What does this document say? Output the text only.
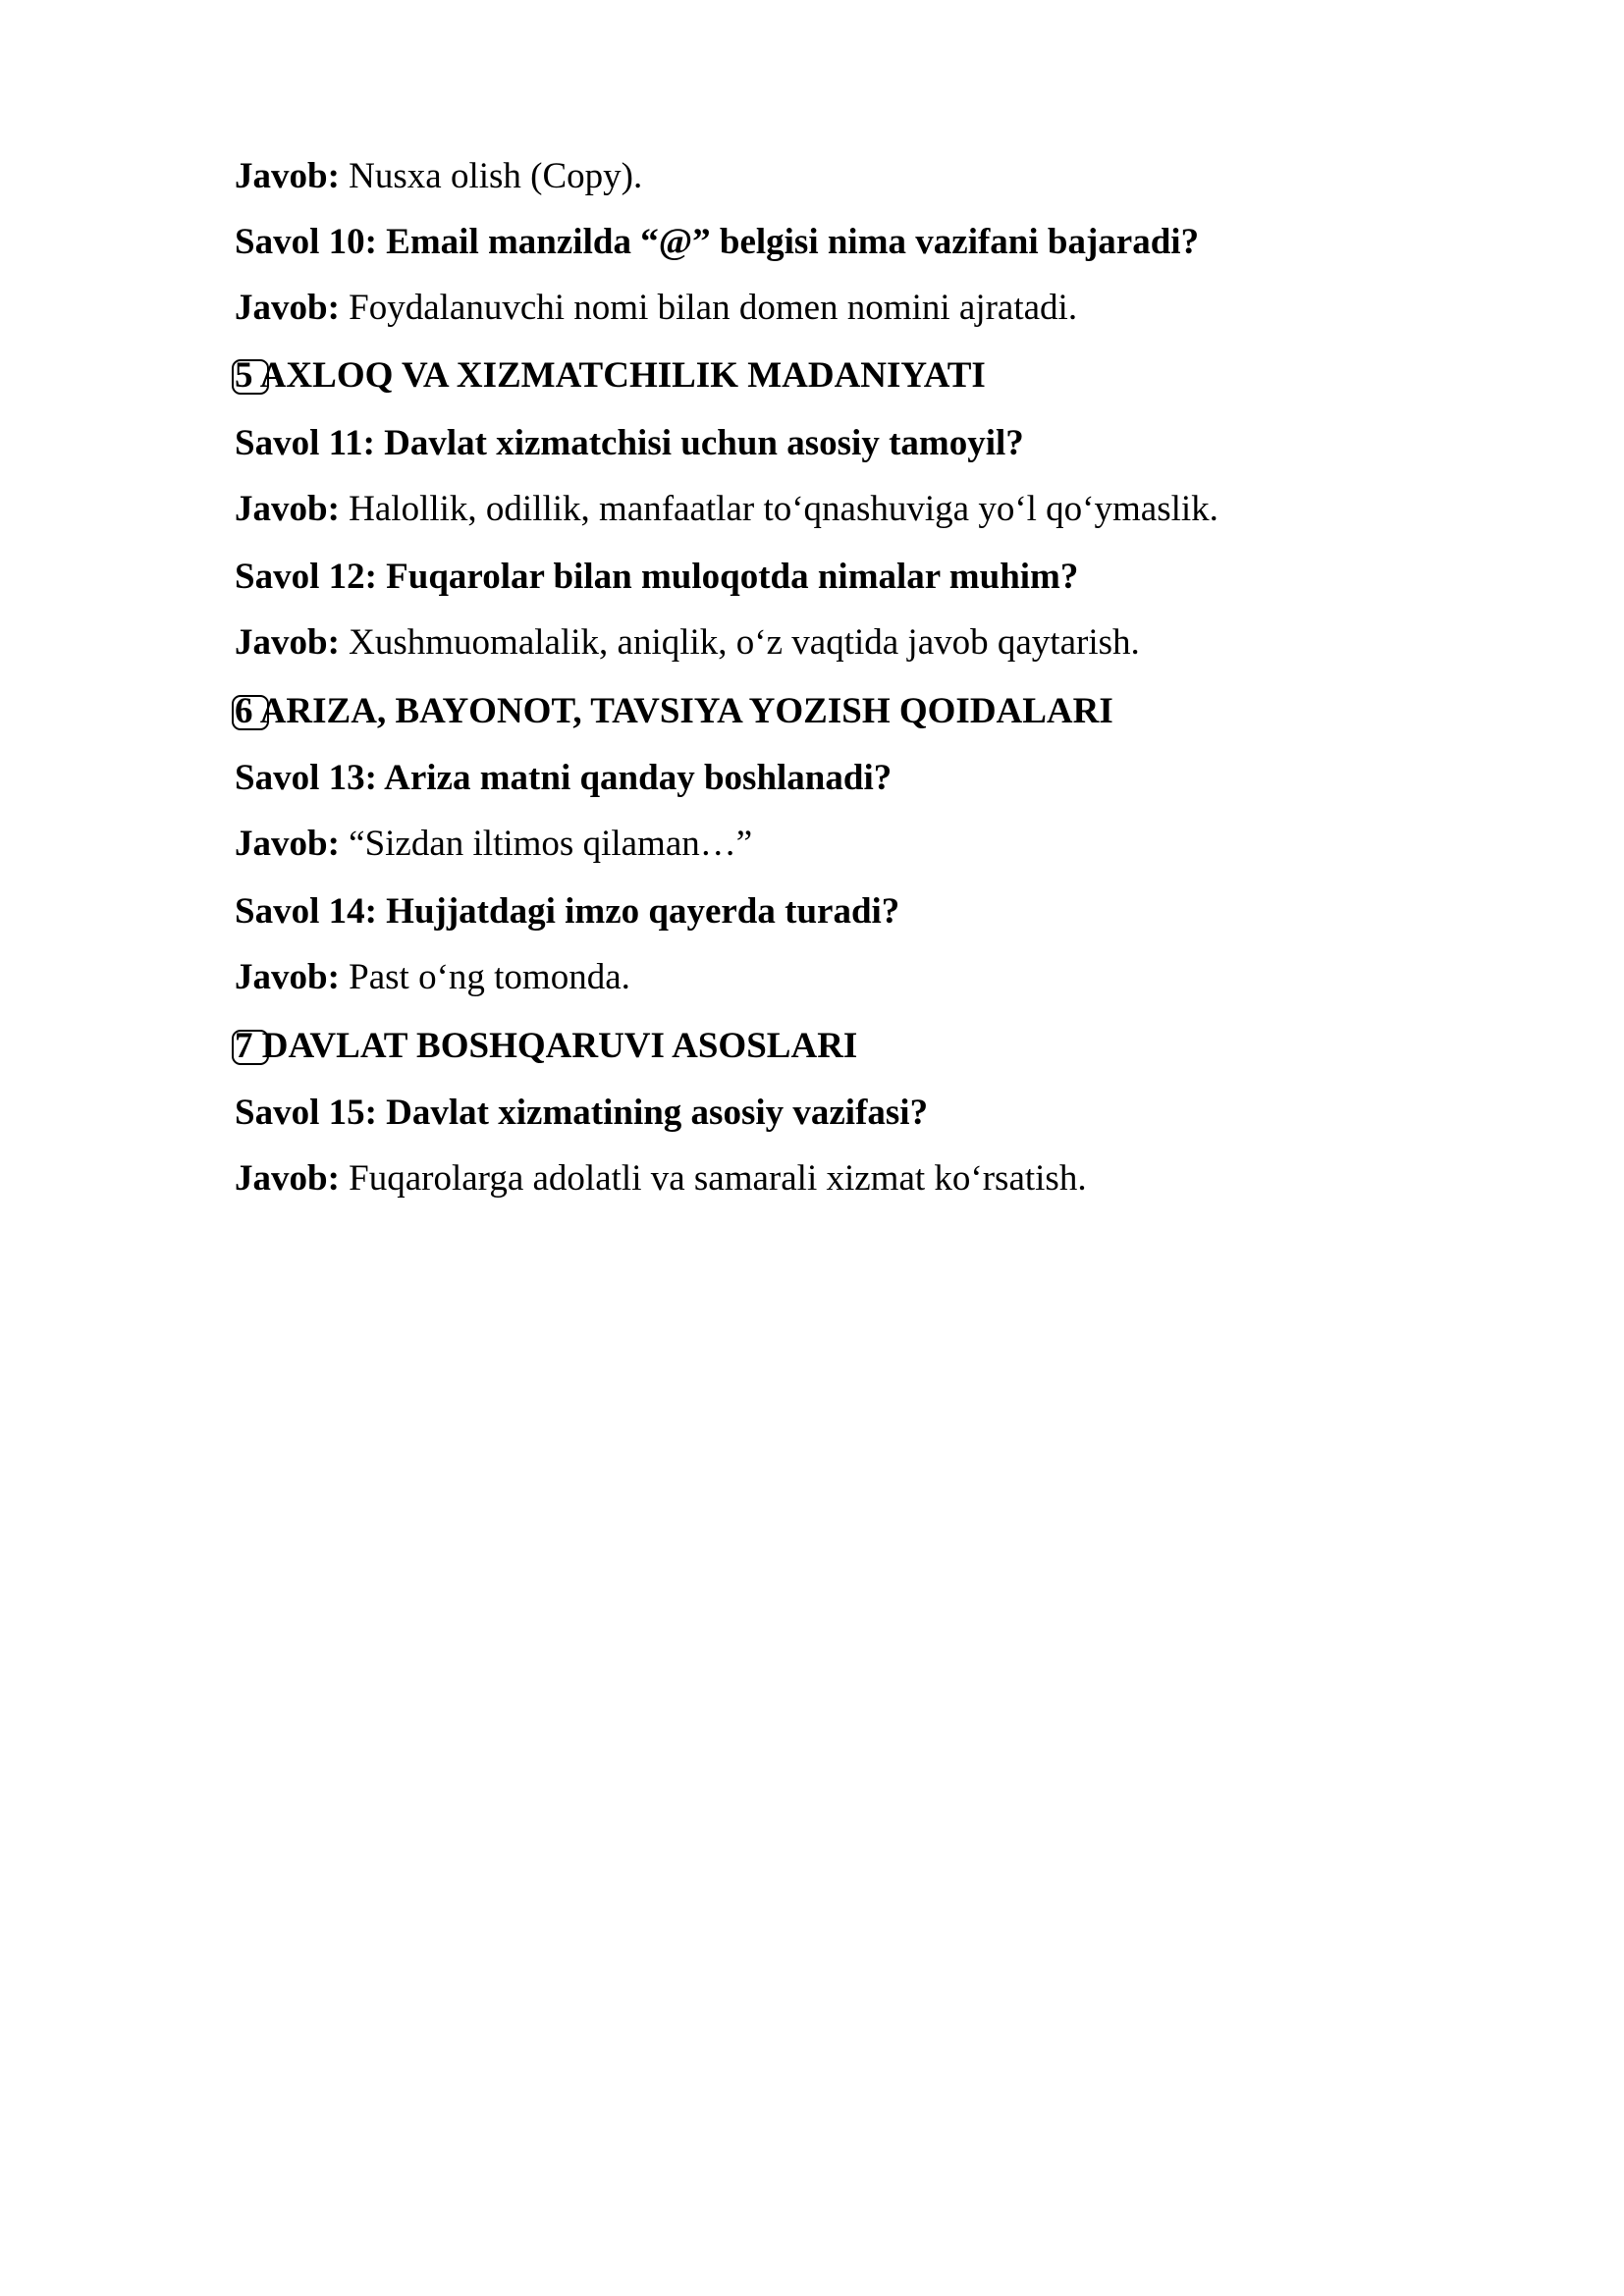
Javob: Nusxa olish (Copy).

Savol 10: Email manzilda “@” belgisi nima vazifani bajaradi?

Javob: Foydalanuvchi nomi bilan domen nomini ajratadi.

5 AXLOQ VA XIZMATCHILIK MADANIYATI

Savol 11: Davlat xizmatchisi uchun asosiy tamoyil?

Javob: Halollik, odillik, manfaatlar to‘qnashuviga yo‘l qo‘ymaslik.

Savol 12: Fuqarolar bilan muloqotda nimalar muhim?

Javob: Xushmuomalalik, aniqlik, o‘z vaqtida javob qaytarish.

6 ARIZA, BAYONOT, TAVSIYA YOZISH QOIDALARI

Savol 13: Ariza matni qanday boshlanadi?

Javob: “Sizdan iltimos qilaman…”

Savol 14: Hujjatdagi imzo qayerda turadi?

Javob: Past o‘ng tomonda.

7 DAVLAT BOSHQARUVI ASOSLARI

Savol 15: Davlat xizmatining asosiy vazifasi?

Javob: Fuqarolarga adolatli va samarali xizmat ko‘rsatish.
